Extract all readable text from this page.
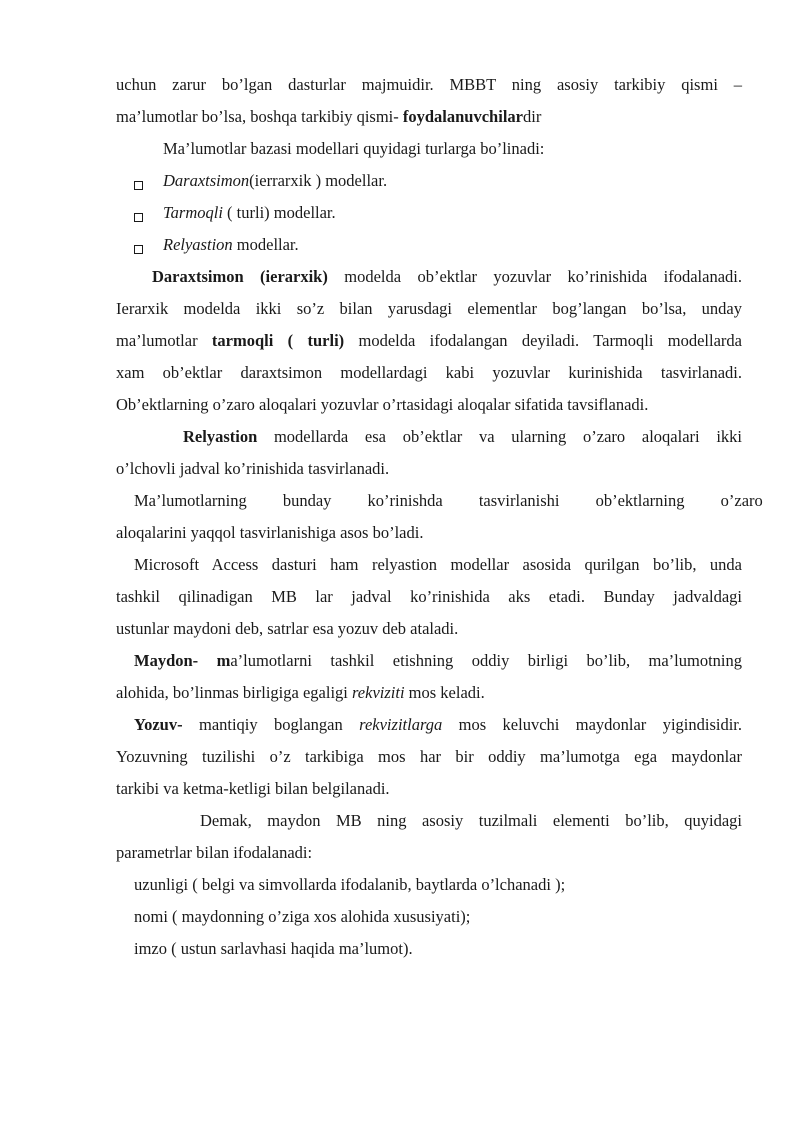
uchun zarur bo’lgan dasturlar majmuidir. MBBT ning asosiy tarkibiy qismi –
ma’lumotlar bo’lsa, boshqa tarkibiy qismi- foydalanuvchilardir
Ma’lumotlar bazasi modellari quyidagi turlarga bo’linadi:
Daraxtsimon(ierrarxik ) modellar.
Tarmoqli ( turli) modellar.
Relyastion modellar.
Daraxtsimon (ierarxik) modelda ob’ektlar yozuvlar ko’rinishida ifodalanadi.
Ierarxik modelda ikki so’z bilan yarusdagi elementlar bog’langan bo’lsa, unday
ma’lumotlar tarmoqli ( turli) modelda ifodalangan deyiladi. Tarmoqli modellarda
xam ob’ektlar daraxtsimon modellardagi kabi yozuvlar kurinishida tasvirlanadi.
Ob’ektlarning o’zaro aloqalari yozuvlar o’rtasidagi aloqalar sifatida tavsiflanadi.
Relyastion modellarda esa ob’ektlar va ularning o’zaro aloqalari ikki
o’lchovli jadval ko’rinishida tasvirlanadi.
Ma’lumotlarning bunday ko’rinishda tasvirlanishi ob’ektlarning o’zaro
aloqalarini yaqqol tasvirlanishiga asos bo’ladi.
Microsoft Access dasturi ham relyastion modellar asosida qurilgan bo’lib, unda
tashkil qilinadigan MB lar jadval ko’rinishida aks etadi. Bunday jadvaldagi
ustunlar maydoni deb, satrlar esa yozuv deb ataladi.
Maydon- ma’lumotlarni tashkil etishning oddiy birligi bo’lib, ma’lumotning
alohida, bo’linmas birligiga egaligi rekviziti mos keladi.
Yozuv- mantiqiy boglangan rekvizitlarga mos keluvchi maydonlar yigindisidir.
Yozuvning tuzilishi o’z tarkibiga mos har bir oddiy ma’lumotga ega maydonlar
tarkibi va ketma-ketligi bilan belgilanadi.
Demak, maydon MB ning asosiy tuzilmali elementi bo’lib, quyidagi
parametrlar bilan ifodalanadi:
uzunligi ( belgi va simvollarda ifodalanib, baytlarda o’lchanadi );
nomi ( maydonning o’ziga xos alohida xususiyati);
imzo ( ustun sarlavhasi haqida ma’lumot).
